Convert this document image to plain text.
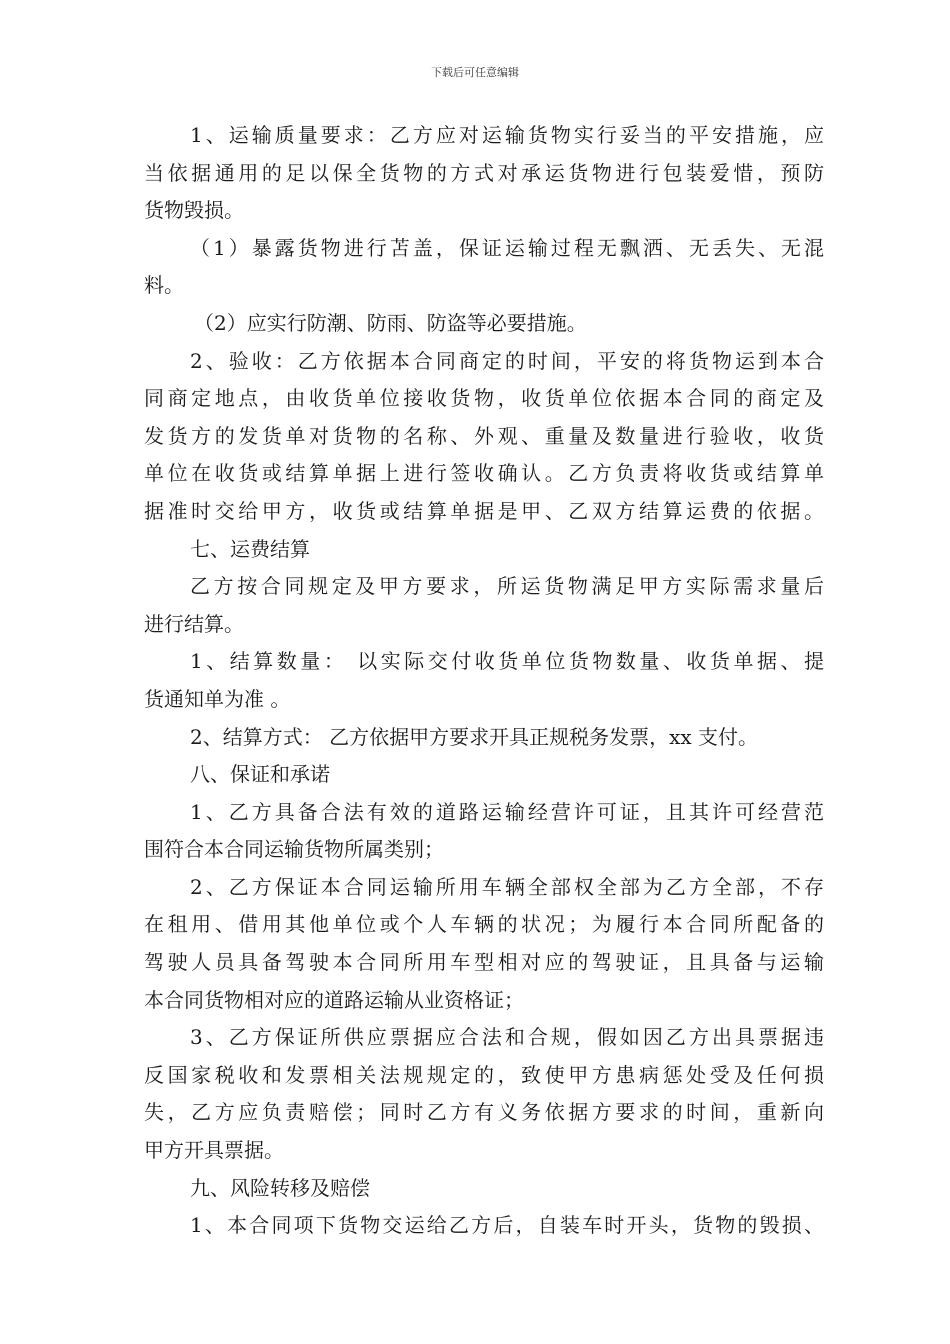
下载后可任意编辑
1、运输质量要求：乙方应对运输货物实行妥当的平安措施，应
当依据通用的足以保全货物的方式对承运货物进行包装爱惜，预防
货物毁损。
（1）暴露货物进行苫盖，保证运输过程无飘洒、无丢失、无混
料。
（2）应实行防潮、防雨、防盗等必要措施。
2、验收：乙方依据本合同商定的时间，平安的将货物运到本合
同商定地点，由收货单位接收货物，收货单位依据本合同的商定及
发货方的发货单对货物的名称、外观、重量及数量进行验收，收货
单位在收货或结算单据上进行签收确认。乙方负责将收货或结算单
据准时交给甲方，收货或结算单据是甲、乙双方结算运费的依据。
七、运费结算
乙方按合同规定及甲方要求，所运货物满足甲方实际需求量后
进行结算。
1、结算数量： 以实际交付收货单位货物数量、收货单据、提
货通知单为准 。
2、结算方式： 乙方依据甲方要求开具正规税务发票，xx 支付。
八、保证和承诺
1、乙方具备合法有效的道路运输经营许可证，且其许可经营范
围符合本合同运输货物所属类别；
2、乙方保证本合同运输所用车辆全部权全部为乙方全部，不存
在租用、借用其他单位或个人车辆的状况；为履行本合同所配备的
驾驶人员具备驾驶本合同所用车型相对应的驾驶证，且具备与运输
本合同货物相对应的道路运输从业资格证；
3、乙方保证所供应票据应合法和合规，假如因乙方出具票据违
反国家税收和发票相关法规规定的，致使甲方患病惩处受及任何损
失，乙方应负责赔偿；同时乙方有义务依据方要求的时间，重新向
甲方开具票据。
九、风险转移及赔偿
1、本合同项下货物交运给乙方后，自装车时开头，货物的毁损、
